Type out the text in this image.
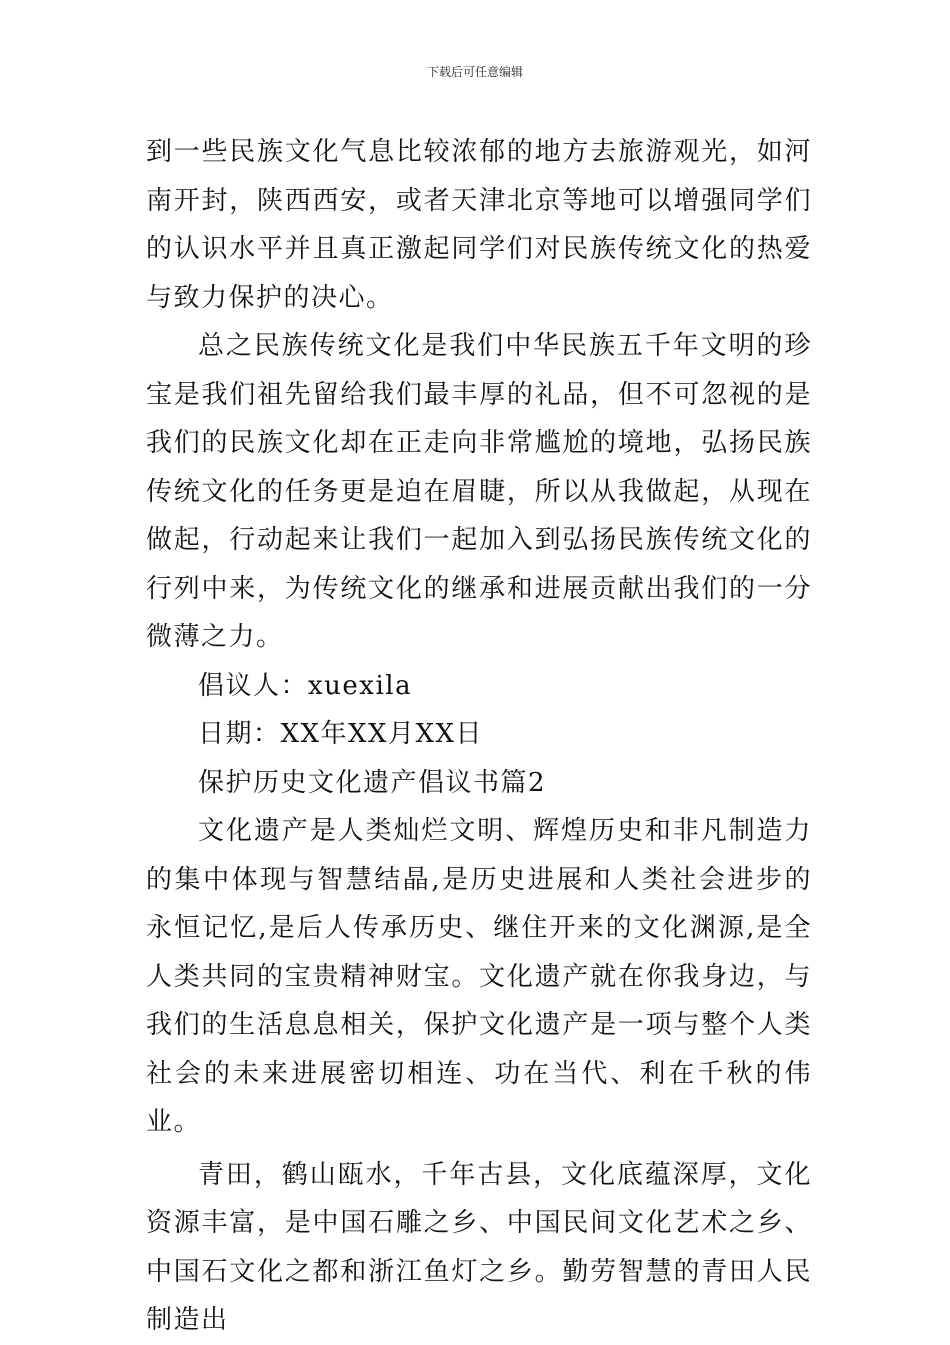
下载后可任意编辑

到一些民族文化气息比较浓郁的地方去旅游观光，如河南开封，陕西西安，或者天津北京等地可以增强同学们的认识水平并且真正激起同学们对民族传统文化的热爱与致力保护的决心。

总之民族传统文化是我们中华民族五千年文明的珍宝是我们祖先留给我们最丰厚的礼品，但不可忽视的是我们的民族文化却在正走向非常尴尬的境地，弘扬民族传统文化的任务更是迫在眉睫，所以从我做起，从现在做起，行动起来让我们一起加入到弘扬民族传统文化的行列中来，为传统文化的继承和进展贡献出我们的一分微薄之力。

倡议人：xuexila

日期：XX年XX月XX日

保护历史文化遗产倡议书篇2

文化遗产是人类灿烂文明、辉煌历史和非凡制造力的集中体现与智慧结晶,是历史进展和人类社会进步的永恒记忆,是后人传承历史、继住开来的文化渊源,是全人类共同的宝贵精神财宝。文化遗产就在你我身边，与我们的生活息息相关，保护文化遗产是一项与整个人类社会的未来进展密切相连、功在当代、利在千秋的伟业。

青田，鹤山瓯水，千年古县，文化底蕴深厚，文化资源丰富，是中国石雕之乡、中国民间文化艺术之乡、中国石文化之都和浙江鱼灯之乡。勤劳智慧的青田人民制造出
